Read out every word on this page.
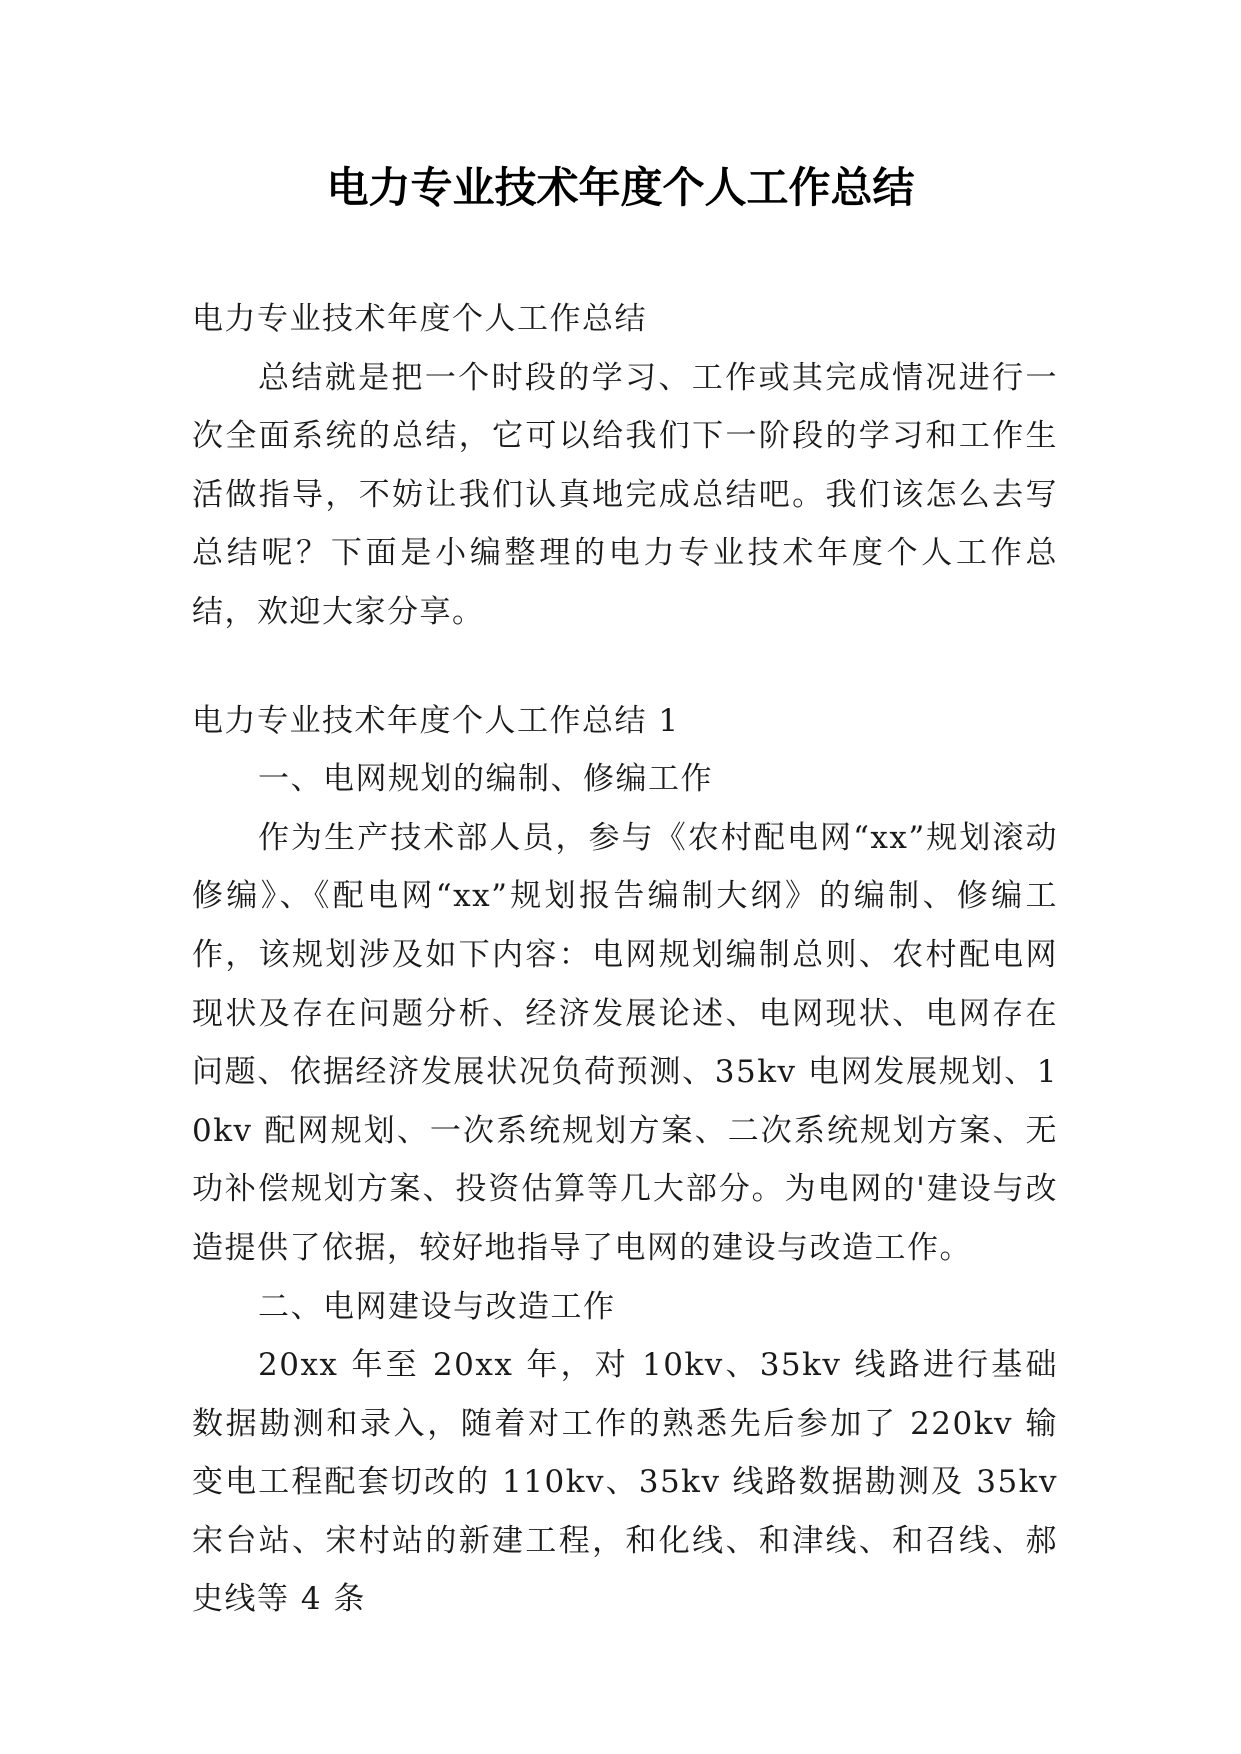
电力专业技术年度个人工作总结

电力专业技术年度个人工作总结

总结就是把一个时段的学习、工作或其完成情况进行一次全面系统的总结，它可以给我们下一阶段的学习和工作生活做指导，不妨让我们认真地完成总结吧。我们该怎么去写总结呢？下面是小编整理的电力专业技术年度个人工作总结，欢迎大家分享。

电力专业技术年度个人工作总结 1

一、电网规划的编制、修编工作

作为生产技术部人员，参与《农村配电网“xx”规划滚动修编》、《配电网“xx”规划报告编制大纲》的编制、修编工作，该规划涉及如下内容：电网规划编制总则、农村配电网现状及存在问题分析、经济发展论述、电网现状、电网存在问题、依据经济发展状况负荷预测、35kv 电网发展规划、10kv 配网规划、一次系统规划方案、二次系统规划方案、无功补偿规划方案、投资估算等几大部分。为电网的'建设与改造提供了依据，较好地指导了电网的建设与改造工作。

二、电网建设与改造工作

20xx 年至 20xx 年，对 10kv、35kv 线路进行基础数据勘测和录入，随着对工作的熟悉先后参加了 220kv 输变电工程配套切改的 110kv、35kv 线路数据勘测及 35kv 宋台站、宋村站的新建工程，和化线、和津线、和召线、郝史线等 4 条
